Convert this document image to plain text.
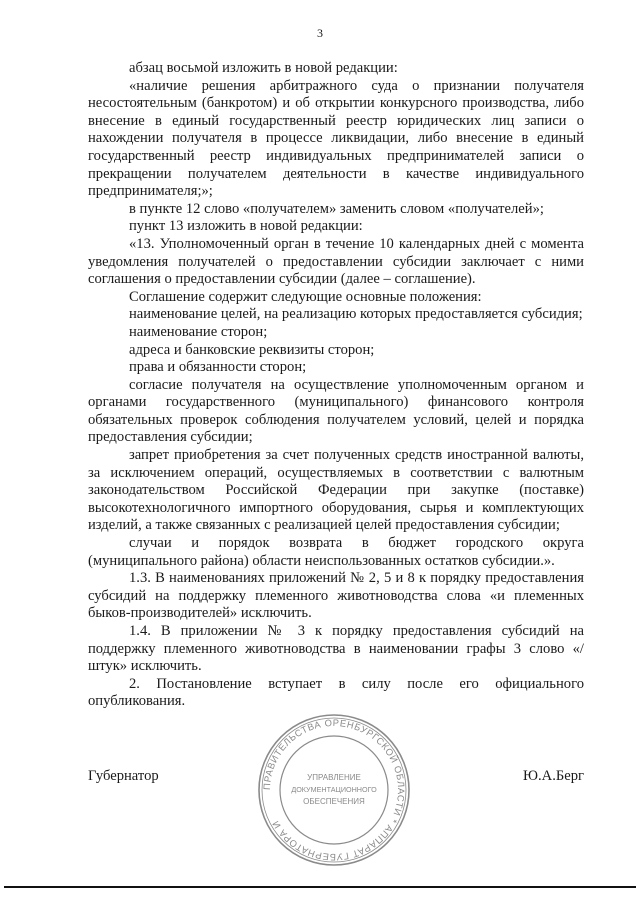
3

абзац восьмой изложить в новой редакции:

«наличие решения арбитражного суда о признании получателя несостоятельным (банкротом) и об открытии конкурсного производства, либо внесение в единый государственный реестр юридических лиц записи о нахождении получателя в процессе ликвидации, либо внесение в единый государственный реестр индивидуальных предпринимателей записи о прекращении получателем деятельности в качестве индивидуального предпринимателя;»;

в пункте 12 слово «получателем» заменить словом «получателей»;

пункт 13 изложить в новой редакции:

«13. Уполномоченный орган в течение 10 календарных дней с момента уведомления получателей о предоставлении субсидии заключает с ними соглашения о предоставлении субсидии (далее – соглашение).

Соглашение содержит следующие основные положения:

наименование целей, на реализацию которых предоставляется субсидия;

наименование сторон;

адреса и банковские реквизиты сторон;

права и обязанности сторон;

согласие получателя на осуществление уполномоченным органом и органами государственного (муниципального) финансового контроля обязательных проверок соблюдения получателем условий, целей и порядка предоставления субсидии;

запрет приобретения за счет полученных средств иностранной валюты, за исключением операций, осуществляемых в соответствии с валютным законодательством Российской Федерации при закупке (поставке) высокотехнологичного импортного оборудования, сырья и комплектующих изделий, а также связанных с реализацией целей предоставления субсидии;

случаи и порядок возврата в бюджет городского округа (муниципального района) области неиспользованных остатков субсидии.».

1.3. В наименованиях приложений № 2, 5 и 8 к порядку предоставления субсидий на поддержку племенного животноводства слова «и племенных быков-производителей» исключить.

1.4. В приложении № 3 к порядку предоставления субсидий на поддержку племенного животноводства в наименовании графы 3 слово «/штук» исключить.

2. Постановление вступает в силу после его официального опубликования.

Губернатор	Ю.А.Берг
ПРАВИТЕЛЬСТВА ОРЕНБУРГСКОЙ ОБЛАСТИ * АППАРАТ ГУБЕРНАТОРА И
УПРАВЛЕНИЕ
ДОКУМЕНТАЦИОННОГО
ОБЕСПЕЧЕНИЯ
